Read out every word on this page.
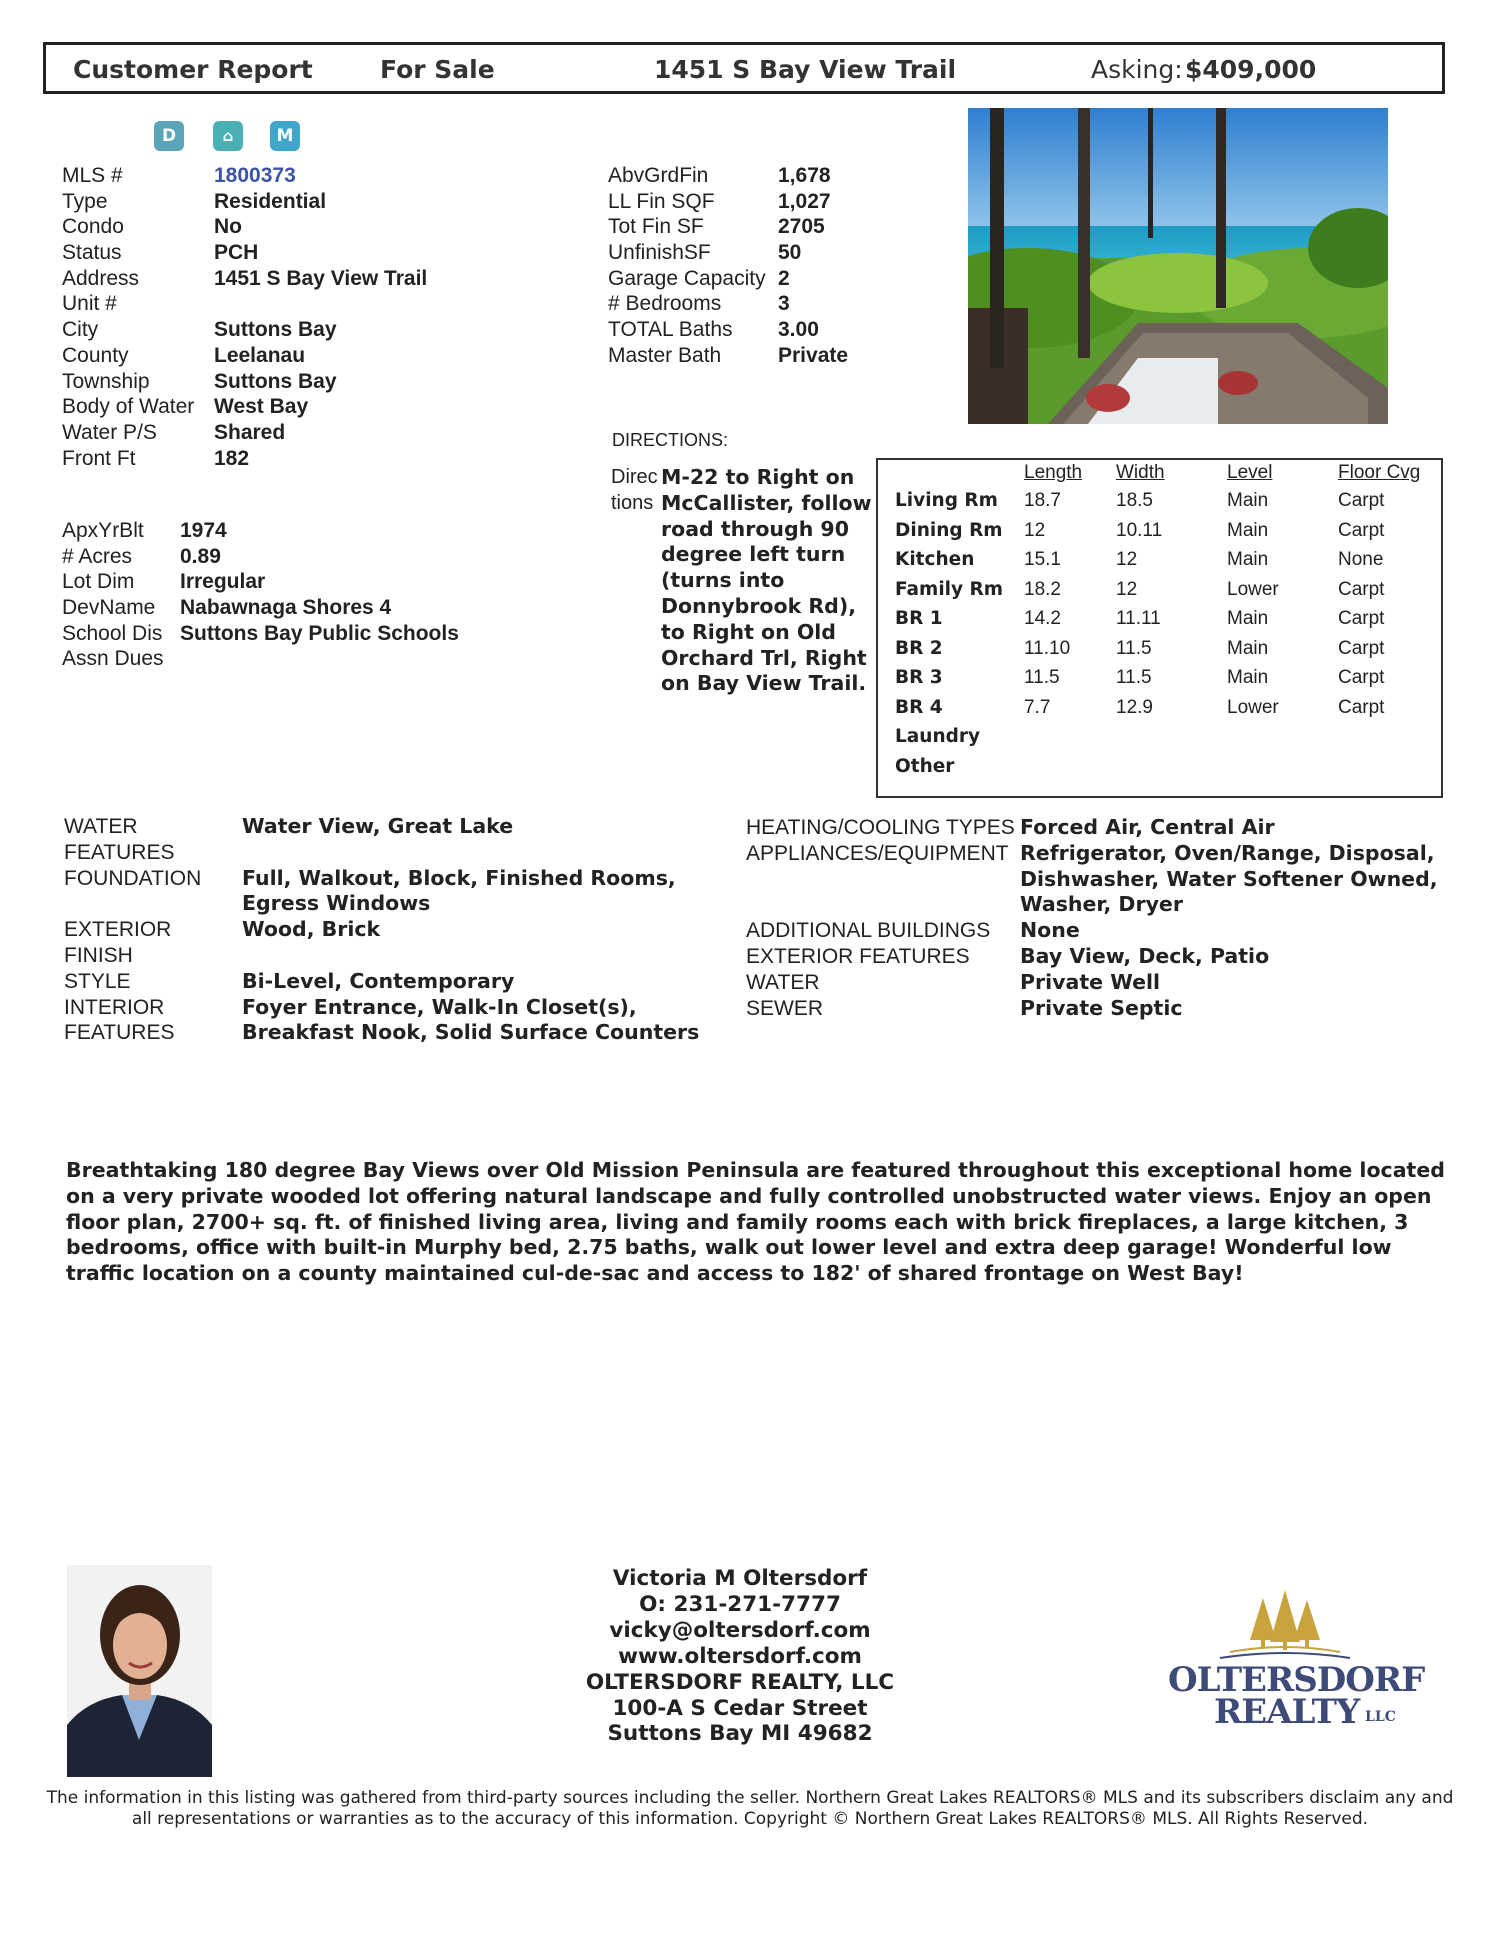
Customer Report	For Sale	1451 S Bay View Trail	Asking: $409,000
D	⌂	M
MLS #	1800373
Type	Residential
Condo	No
Status	PCH
Address	1451 S Bay View Trail
Unit #
City	Suttons Bay
County	Leelanau
Township	Suttons Bay
Body of Water West Bay
Water P/S	Shared
Front Ft	182
ApxYrBlt 1974
# Acres 0.89
Lot Dim Irregular
DevName Nabawnaga Shores 4
School Dis Suttons Bay Public Schools
Assn Dues
AbvGrdFin	1,678
LL Fin SQF	1,027
Tot Fin SF	2705
UnfinishSF	50
Garage Capacity 2
# Bedrooms	3
TOTAL Baths 3.00
Master Bath	Private
DIRECTIONS:
Directions
M-22 to Right on McCallister, follow road through 90 degree left turn (turns into Donnybrook Rd), to Right on Old Orchard Trl, Right on Bay View Trail.
Length Width	Level	Floor Cvg
Living Rm 18.7	18.5	Main	Carpt
Dining Rm 12	10.11	Main	Carpt
Kitchen	15.1	12	Main	None
Family Rm 18.2	12	Lower	Carpt
BR 1	14.2	11.11	Main	Carpt
BR 2	11.10 11.5	Main	Carpt
BR 3	11.5	11.5	Main	Carpt
BR 4	7.7	12.9	Lower	Carpt
Laundry
Other
WATER
FEATURES
Water View, Great Lake
FOUNDATION Full, Walkout, Block, Finished Rooms, Egress Windows
EXTERIOR
FINISH
Wood, Brick
STYLE	Bi-Level, Contemporary
INTERIOR
FEATURES
Foyer Entrance, Walk-In Closet(s), Breakfast Nook, Solid Surface Counters
HEATING/COOLING TYPES Forced Air, Central Air
APPLIANCES/EQUIPMENT Refrigerator, Oven/Range, Disposal, Dishwasher, Water Softener Owned, Washer, Dryer
ADDITIONAL BUILDINGS None
EXTERIOR FEATURES Bay View, Deck, Patio
WATER	Private Well
SEWER	Private Septic
Breathtaking 180 degree Bay Views over Old Mission Peninsula are featured throughout this exceptional home located on a very private wooded lot offering natural landscape and fully controlled unobstructed water views. Enjoy an open floor plan, 2700+ sq. ft. of finished living area, living and family rooms each with brick fireplaces, a large kitchen, 3 bedrooms, office with built-in Murphy bed, 2.75 baths, walk out lower level and extra deep garage! Wonderful low traffic location on a county maintained cul-de-sac and access to 182' of shared frontage on West Bay!
Victoria M Oltersdorf
O: 231-271-7777
vicky@oltersdorf.com
www.oltersdorf.com
OLTERSDORF REALTY, LLC
100-A S Cedar Street
Suttons Bay MI 49682
OLTERSDORF
REALTY LLC
The information in this listing was gathered from third-party sources including the seller. Northern Great Lakes REALTORS® MLS and its subscribers disclaim any and all representations or warranties as to the accuracy of this information. Copyright © Northern Great Lakes REALTORS® MLS. All Rights Reserved.
